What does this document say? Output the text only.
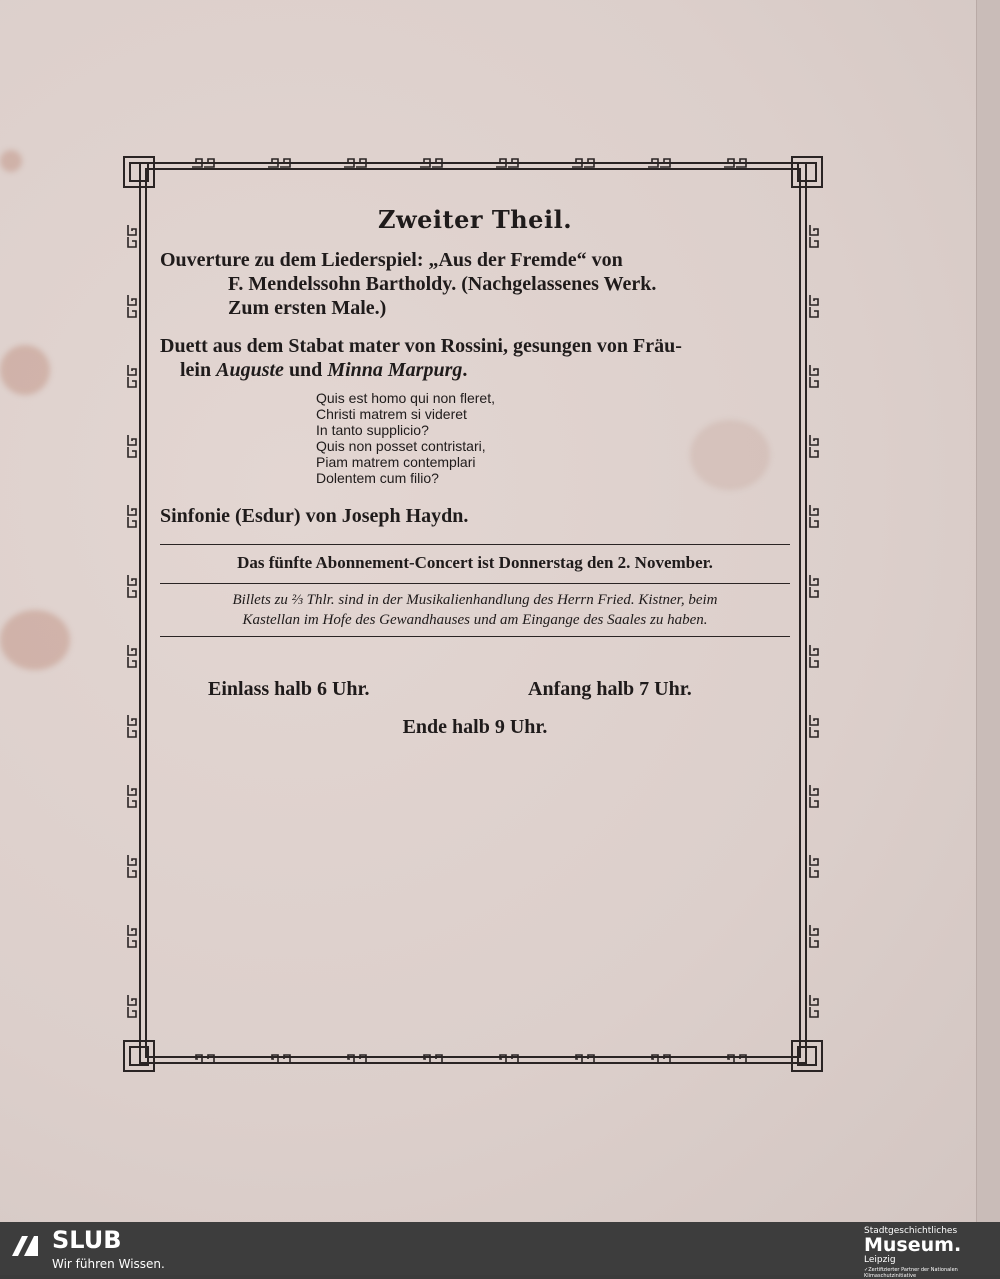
Zweiter Theil.
Ouverture zu dem Liederspiel: „Aus der Fremde“ von
F. Mendelssohn Bartholdy. (Nachgelassenes Werk.
Zum ersten Male.)
Duett aus dem Stabat mater von Rossini, gesungen von Fräu-
lein Auguste und Minna Marpurg.
Quis est homo qui non fleret,
Christi matrem si videret
In tanto supplicio?
Quis non posset contristari,
Piam matrem contemplari
Dolentem cum filio?
Sinfonie (Esdur) von Joseph Haydn.
Das fünfte Abonnement-Concert ist Donnerstag den 2. November.
Billets zu ⅔ Thlr. sind in der Musikalienhandlung des Herrn Fried. Kistner, beim
Kastellan im Hofe des Gewandhauses und am Eingange des Saales zu haben.
Einlass halb 6 Uhr.	Anfang halb 7 Uhr.
Ende halb 9 Uhr.
SLUB
Wir führen Wissen.
Stadtgeschichtliches
Museum.
Leipzig
✓Zertifizierter Partner der Nationalen Klimaschutzinitiative
